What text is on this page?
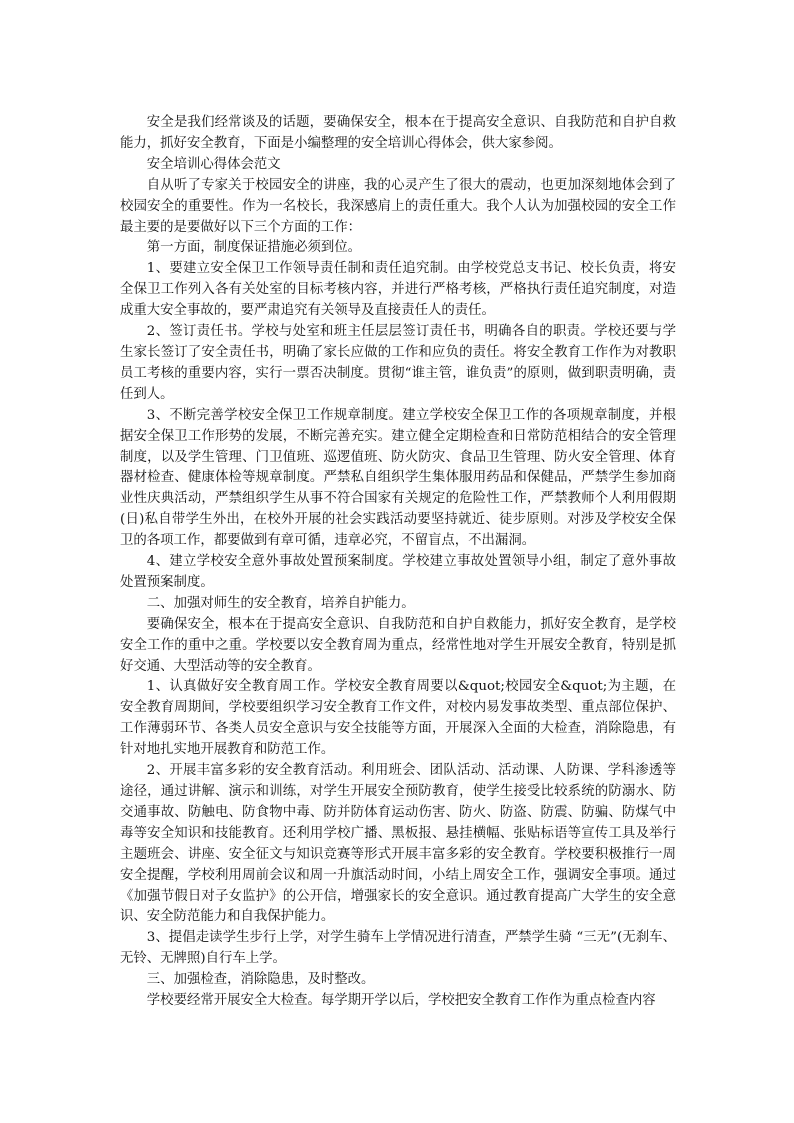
安全是我们经常谈及的话题，要确保安全，根本在于提高安全意识、自我防范和自护自救能力，抓好安全教育，下面是小编整理的安全培训心得体会，供大家参阅。

安全培训心得体会范文

自从听了专家关于校园安全的讲座，我的心灵产生了很大的震动，也更加深刻地体会到了校园安全的重要性。作为一名校长，我深感肩上的责任重大。我个人认为加强校园的安全工作最主要的是要做好以下三个方面的工作：

第一方面，制度保证措施必须到位。

1、要建立安全保卫工作领导责任制和责任追究制。由学校党总支书记、校长负责，将安全保卫工作列入各有关处室的目标考核内容，并进行严格考核，严格执行责任追究制度，对造成重大安全事故的，要严肃追究有关领导及直接责任人的责任。

2、签订责任书。学校与处室和班主任层层签订责任书，明确各自的职责。学校还要与学生家长签订了安全责任书，明确了家长应做的工作和应负的责任。将安全教育工作作为对教职员工考核的重要内容，实行一票否决制度。贯彻“谁主管，谁负责”的原则，做到职责明确，责任到人。

3、不断完善学校安全保卫工作规章制度。建立学校安全保卫工作的各项规章制度，并根据安全保卫工作形势的发展，不断完善充实。建立健全定期检查和日常防范相结合的安全管理制度，以及学生管理、门卫值班、巡逻值班、防火防灾、食品卫生管理、防火安全管理、体育器材检查、健康体检等规章制度。严禁私自组织学生集体服用药品和保健品，严禁学生参加商业性庆典活动，严禁组织学生从事不符合国家有关规定的危险性工作，严禁教师个人利用假期(日)私自带学生外出，在校外开展的社会实践活动要坚持就近、徒步原则。对涉及学校安全保卫的各项工作，都要做到有章可循，违章必究，不留盲点，不出漏洞。

4、建立学校安全意外事故处置预案制度。学校建立事故处置领导小组，制定了意外事故处置预案制度。

二、加强对师生的安全教育，培养自护能力。

要确保安全，根本在于提高安全意识、自我防范和自护自救能力，抓好安全教育，是学校安全工作的重中之重。学校要以安全教育周为重点，经常性地对学生开展安全教育，特别是抓好交通、大型活动等的安全教育。

1、认真做好安全教育周工作。学校安全教育周要以&quot;校园安全&quot;为主题，在安全教育周期间，学校要组织学习安全教育工作文件，对校内易发事故类型、重点部位保护、工作薄弱环节、各类人员安全意识与安全技能等方面，开展深入全面的大检查，消除隐患，有针对地扎实地开展教育和防范工作。

2、开展丰富多彩的安全教育活动。利用班会、团队活动、活动课、人防课、学科渗透等途径，通过讲解、演示和训练，对学生开展安全预防教育，使学生接受比较系统的防溺水、防交通事故、防触电、防食物中毒、防并防体育运动伤害、防火、防盗、防震、防骗、防煤气中毒等安全知识和技能教育。还利用学校广播、黑板报、悬挂横幅、张贴标语等宣传工具及举行主题班会、讲座、安全征文与知识竞赛等形式开展丰富多彩的安全教育。学校要积极推行一周安全提醒，学校利用周前会议和周一升旗活动时间，小结上周安全工作，强调安全事项。通过《加强节假日对子女监护》的公开信，增强家长的安全意识。通过教育提高广大学生的安全意识、安全防范能力和自我保护能力。

3、提倡走读学生步行上学，对学生骑车上学情况进行清查，严禁学生骑 “三无”(无刹车、无铃、无牌照)自行车上学。

三、加强检查，消除隐患，及时整改。

学校要经常开展安全大检查。每学期开学以后，学校把安全教育工作作为重点检查内容
